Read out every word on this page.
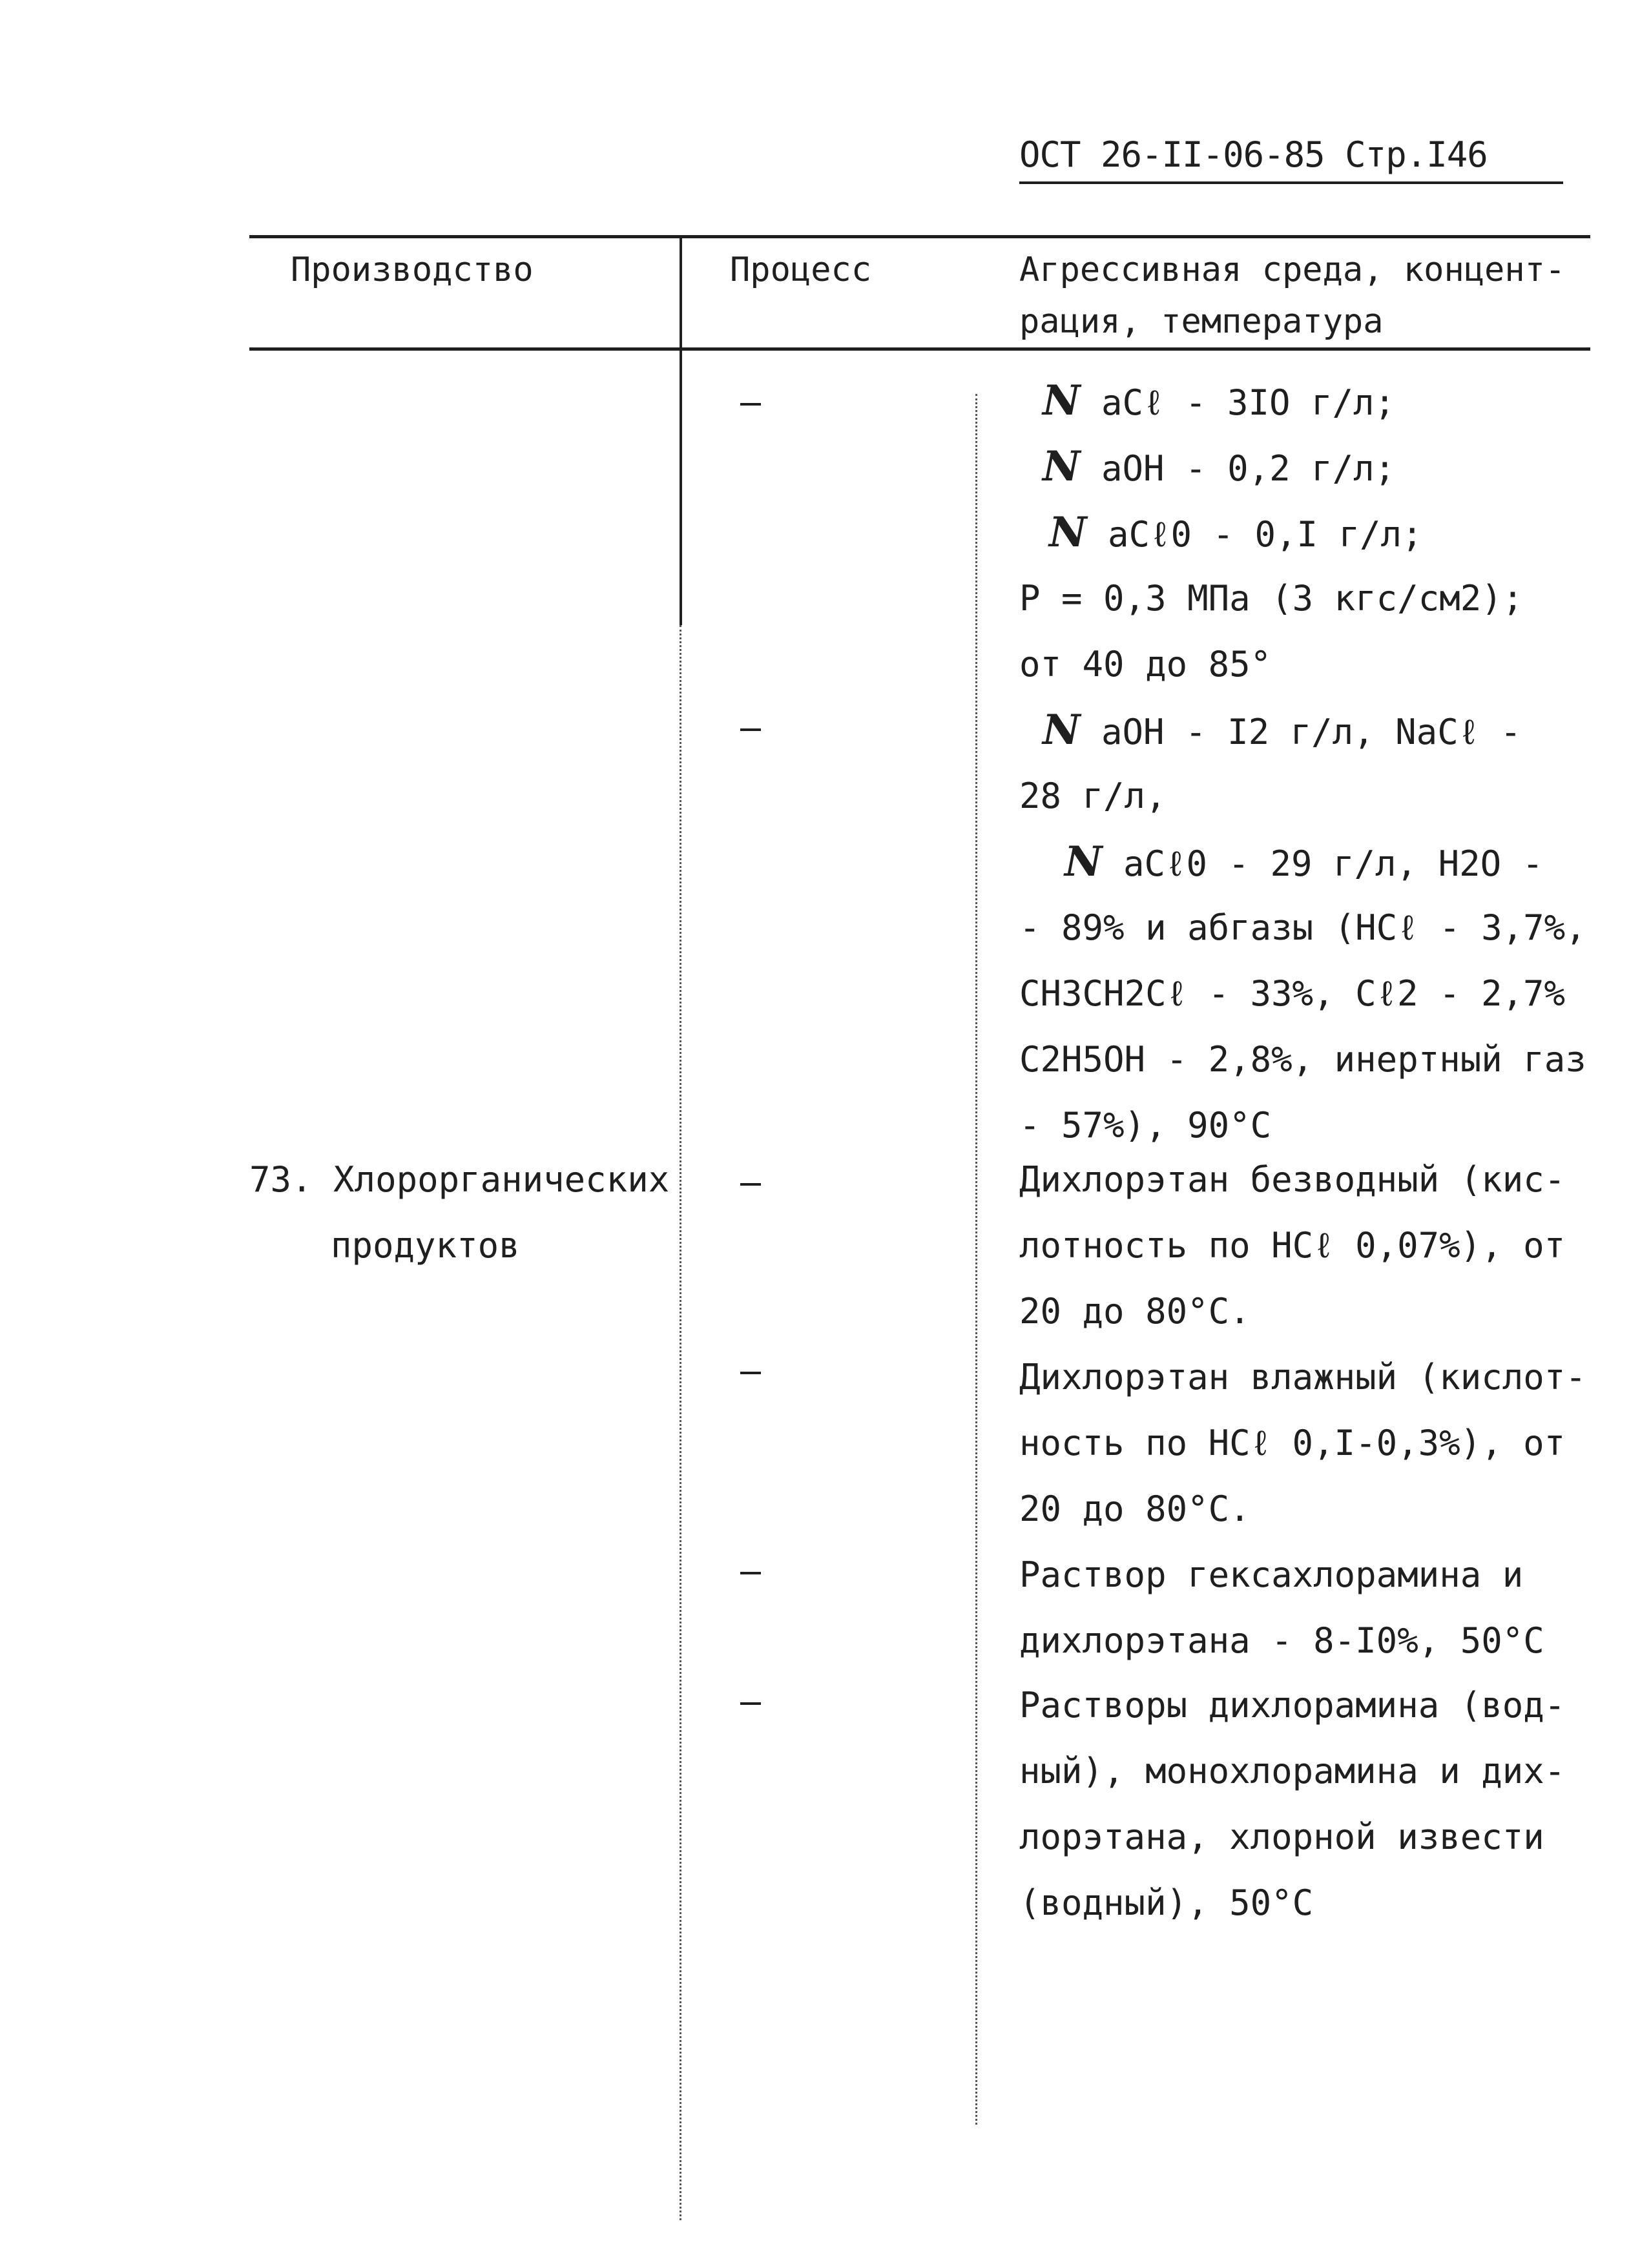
ОСТ 26-II-06-85 Стр.I46
Производство	Процесс	Агрессивная среда, концент-
рация, температура
73. Хлорорганических
продуктов
N aCℓ - 3IO г/л;
N aOH - 0,2 г/л;
N aCℓ0 - 0,I г/л;
P = 0,3 МПа (3 кгс/см2);
от 40 до 85°
N aOH - I2 г/л, NaCℓ -
28 г/л,
N aCℓ0 - 29 г/л, H2O -
- 89% и абгазы (HCℓ - 3,7%,
CH3CH2Cℓ - 33%, Cℓ2 - 2,7%
C2H5OH - 2,8%, инертный газ
- 57%), 90°C
Дихлорэтан безводный (кис-
лотность по HCℓ 0,07%), от
20 до 80°C.
Дихлорэтан влажный (кислот-
ность по HCℓ 0,I-0,3%), от
20 до 80°C.
Раствор гексахлорамина и
дихлорэтана - 8-I0%, 50°C
Растворы дихлорамина (вод-
ный), монохлорамина и дих-
лорэтана, хлорной извести
(водный), 50°C
